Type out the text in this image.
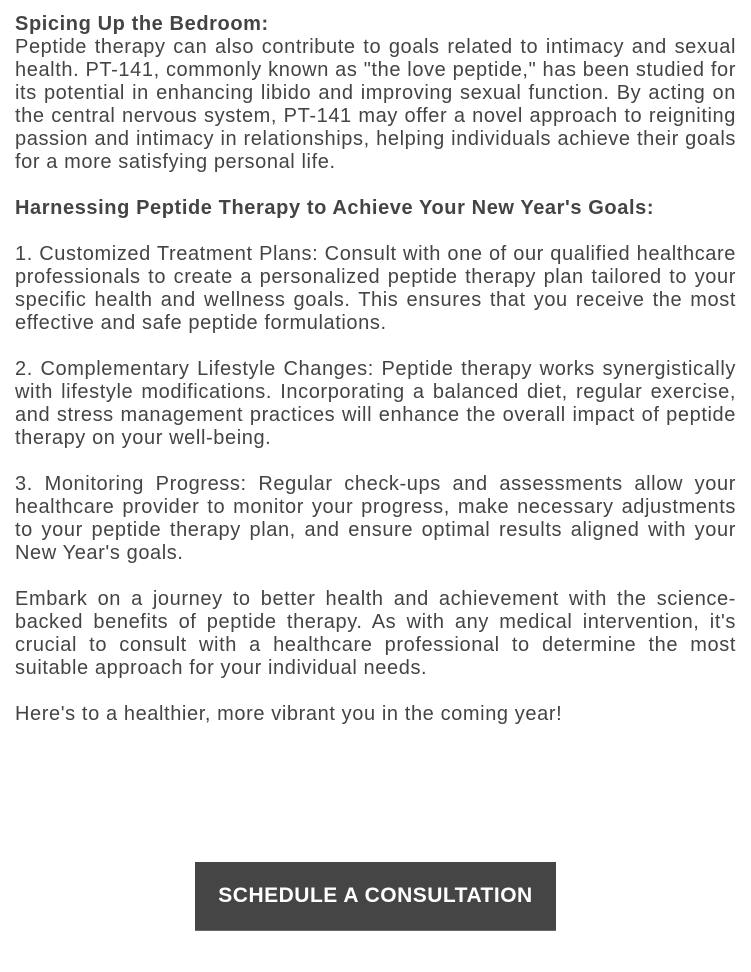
Spicing Up the Bedroom:

Peptide therapy can also contribute to goals related to intimacy and sexual health. PT-141, commonly known as "the love peptide," has been studied for its potential in enhancing libido and improving sexual function. By acting on the central nervous system, PT-141 may offer a novel approach to reigniting passion and intimacy in relationships, helping individuals achieve their goals for a more satisfying personal life.

Harnessing Peptide Therapy to Achieve Your New Year's Goals:

1. Customized Treatment Plans: Consult with one of our qualified healthcare professionals to create a personalized peptide therapy plan tailored to your specific health and wellness goals. This ensures that you receive the most effective and safe peptide formulations.

2. Complementary Lifestyle Changes: Peptide therapy works synergistically with lifestyle modifications. Incorporating a balanced diet, regular exercise, and stress management practices will enhance the overall impact of peptide therapy on your well-being.

3. Monitoring Progress: Regular check-ups and assessments allow your healthcare provider to monitor your progress, make necessary adjustments to your peptide therapy plan, and ensure optimal results aligned with your New Year's goals.

Embark on a journey to better health and achievement with the science-backed benefits of peptide therapy. As with any medical intervention, it's crucial to consult with a healthcare professional to determine the most suitable approach for your individual needs.

Here's to a healthier, more vibrant you in the coming year!

SCHEDULE A CONSULTATION
